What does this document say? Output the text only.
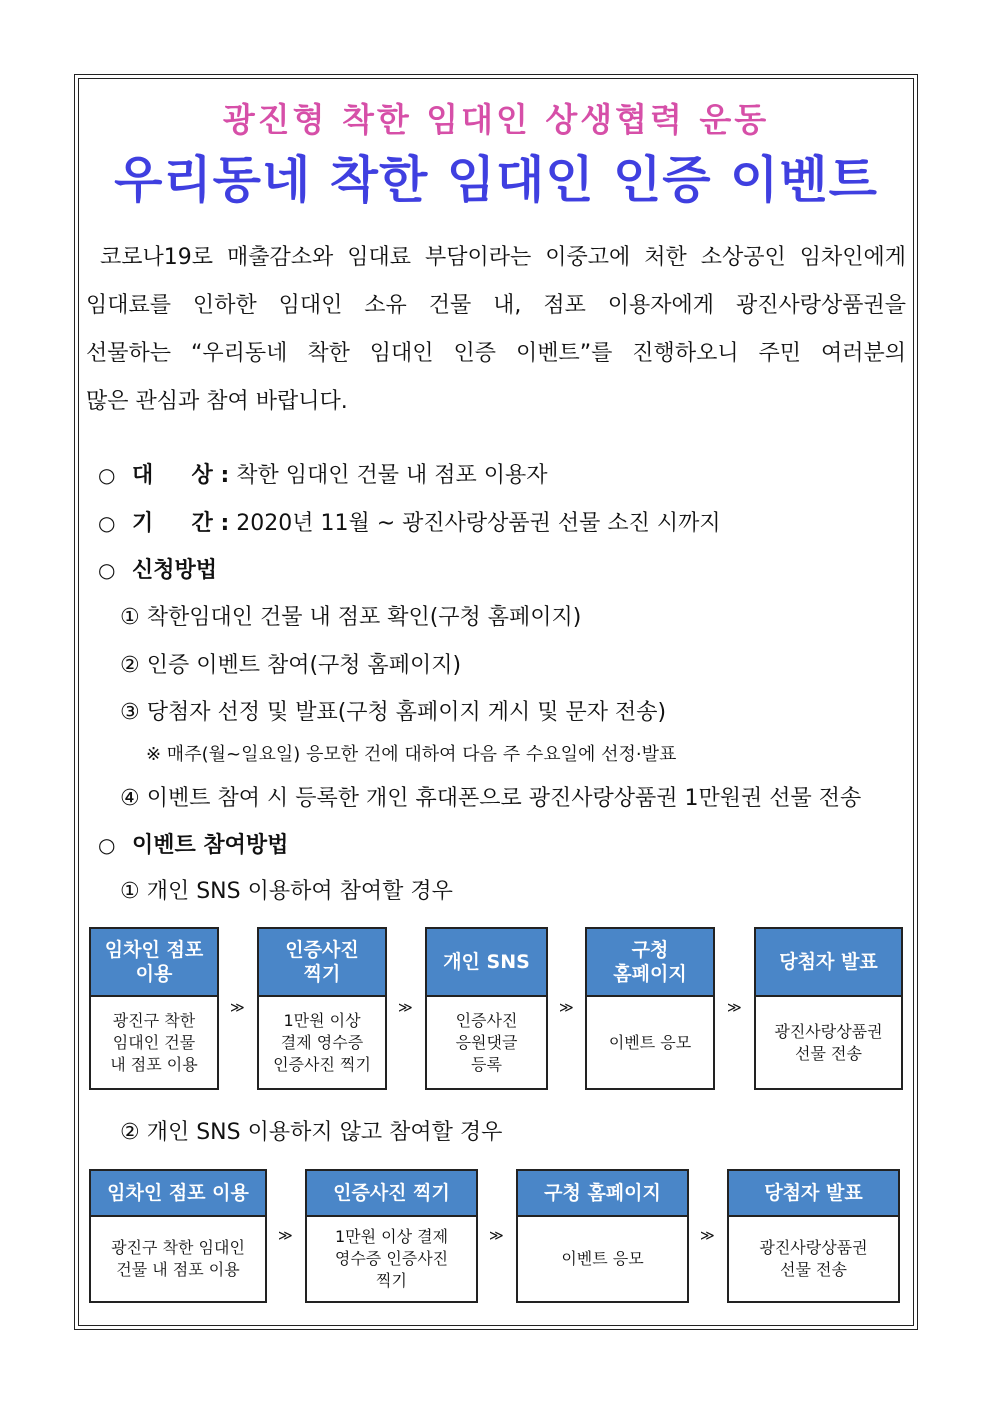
광진형 착한 임대인 상생협력 운동
우리동네 착한 임대인 인증 이벤트
코로나19로 매출감소와 임대료 부담이라는 이중고에 처한 소상공인 임차인에게
임대료를 인하한 임대인 소유 건물 내, 점포 이용자에게 광진사랑상품권을
선물하는 “우리동네 착한 임대인 인증 이벤트”를 진행하오니 주민 여러분의
많은 관심과 참여 바랍니다.
○ 대     상 : 착한 임대인 건물 내 점포 이용자
○ 기     간 : 2020년 11월 ~ 광진사랑상품권 선물 소진 시까지
○ 신청방법
① 착한임대인 건물 내 점포 확인(구청 홈페이지)
② 인증 이벤트 참여(구청 홈페이지)
③ 당첨자 선정 및 발표(구청 홈페이지 게시 및 문자 전송)
※ 매주(월~일요일) 응모한 건에 대하여 다음 주 수요일에 선정·발표
④ 이벤트 참여 시 등록한 개인 휴대폰으로 광진사랑상품권 1만원권 선물 전송
○ 이벤트 참여방법
① 개인 SNS 이용하여 참여할 경우
임차인 점포
이용
광진구 착한
임대인 건물
내 점포 이용
≫
인증사진
찍기
1만원 이상
결제 영수증
인증사진 찍기
≫
개인 SNS
인증사진
응원댓글
등록
≫
구청
홈페이지
이벤트 응모
≫
당첨자 발표
광진사랑상품권
선물 전송
② 개인 SNS 이용하지 않고 참여할 경우
임차인 점포 이용
광진구 착한 임대인
건물 내 점포 이용
≫
인증사진 찍기
1만원 이상 결제
영수증 인증사진
찍기
≫
구청 홈페이지
이벤트 응모
≫
당첨자 발표
광진사랑상품권
선물 전송
